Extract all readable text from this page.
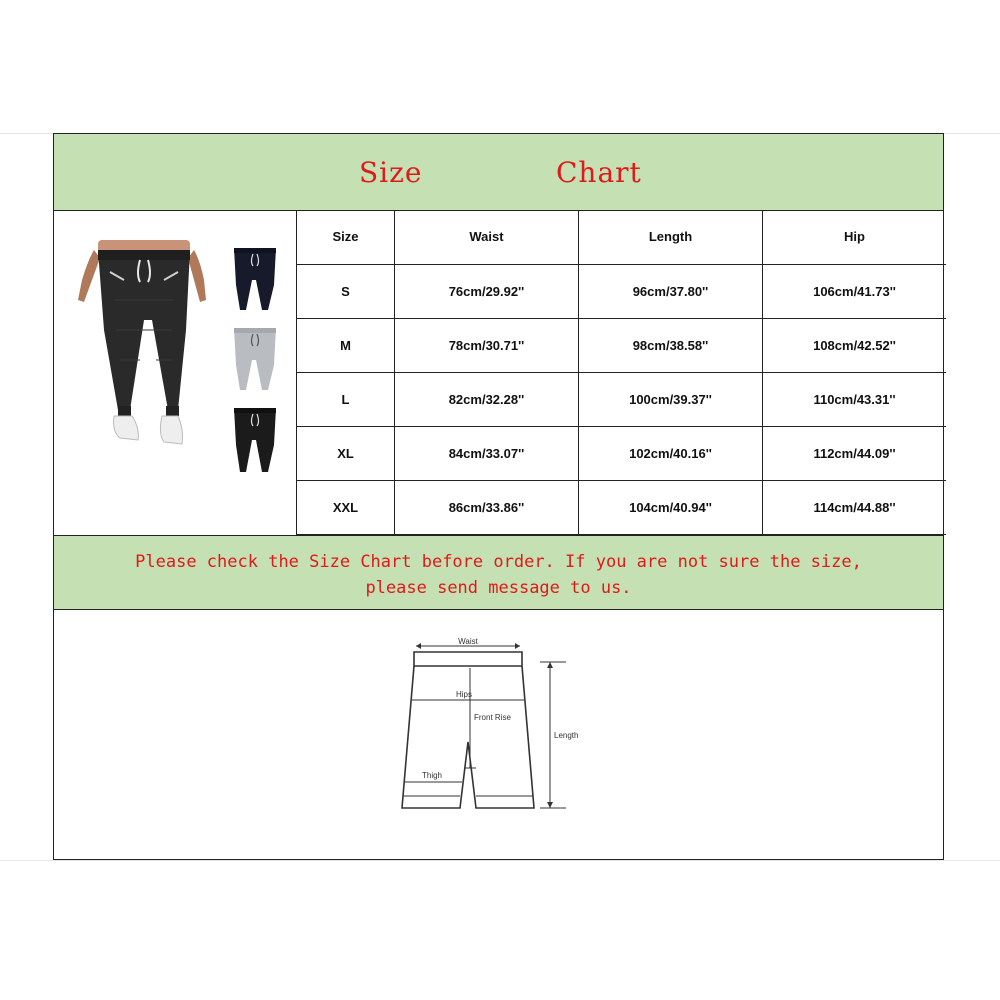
Size	Chart
Size	Waist	Length	Hip
S	76cm/29.92''	96cm/37.80''	106cm/41.73''
M	78cm/30.71''	98cm/38.58''	108cm/42.52''
L	82cm/32.28''	100cm/39.37''	110cm/43.31''
XL	84cm/33.07''	102cm/40.16''	112cm/44.09''
XXL	86cm/33.86''	104cm/40.94''	114cm/44.88''
Please check the Size Chart before order. If you are not sure the size,
please send message to us.
Waist
Hips
Front Rise
Thigh
Length
